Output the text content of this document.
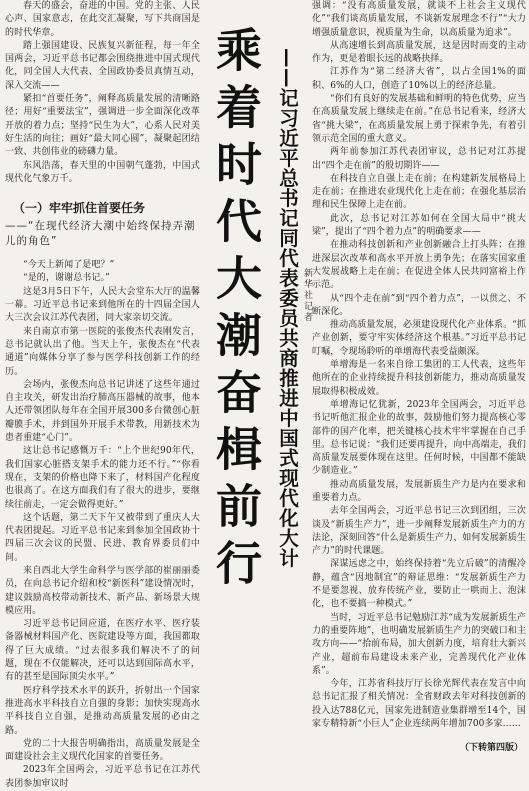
春天的盛会，奋进的中国。党的主张、人民心声、国家意志，在此交汇凝聚，写下共商国是的时代华章。

踏上强国建设、民族复兴新征程，每一年全国两会，习近平总书记都会围绕推进中国式现代化，同全国人大代表、全国政协委员真情互动，深入交流——

紧扣“首要任务”，阐释高质量发展的清晰路径；用好“重要法宝”，强调进一步全面深化改革开放的着力点；坚持“民生为大”，心系人民对美好生活的向往；画好“最大同心圆”，凝聚起团结一致、共创伟业的磅礴力量。

东风浩荡，春天里的中国朝气蓬勃，中国式现代化气象万千。

（一）牢牢抓住首要任务
——“在现代经济大潮中始终保持弄潮儿的角色”

“今天上新闻了是吧？”

“是的，谢谢总书记。”

这是3月5日下午，人民大会堂东大厅的温馨一幕。习近平总书记来到他所在的十四届全国人大三次会议江苏代表团，同大家亲切交流。

来自南京市第一医院的张俊杰代表刚发言，总书记就认出了他。当天上午，张俊杰在“代表通道”向媒体分享了参与医学科技创新工作的经历。

会场内，张俊杰向总书记讲述了这些年通过自主攻关，研发出治疗肺高压器械的故事，他本人还带领团队每年在全国开展300多台微创心脏瓣膜手术，并到国外开展手术带教，用新技术为患者重建“心门”。

这让总书记感慨万千：“上个世纪90年代，我们国家心脏搭支架手术的能力还不行。”“你看现在，支架的价格也降下来了，材料国产化程度也很高了。在这方面我们有了很大的进步，要继续往前走，一定会做得更好。”

这个话题，第二天下午又被带到了重庆人大代表团提起。习近平总书记来到参加全国政协十四届三次会议的民盟、民进、教育界委员们中间。

来自西北大学生命科学与医学部的崔丽丽委员，在向总书记介绍和校“新医科”建设情况时，建议鼓励高校带动新技术、新产品、新场景大规模应用。

习近平总书记回应道，在医疗水平、医疗装备器械材料国产化、医院建设等方面，我国都取得了巨大成绩。“过去很多我们解决不了的问题，现在不仅能解决，还可以达到国际高水平，有的甚至是国际顶尖水平。”

医疗科学技术水平的跃升，折射出一个国家推进高水平科技自立自强的身影；加快实现高水平科技自立自强，是推动高质量发展的必由之路。

党的二十大报告明确指出，高质量发展是全面建设社会主义现代化国家的首要任务。

2023年全国两会，习近平总书记在江苏代表团参加审议时

乘着时代大潮奋楫前行 ——记习近平总书记同代表委员共商推进中国式现代化大计 新华社记者

强调：“没有高质量发展，就谈不上社会主义现代化”“我们谈高质量发展，不谈新发展理念不行”“大力增强质量意识，视质量为生命，以高质量为追求”。

从高速增长到高质量发展，这是因时而变的主动作为，更是着眼长远的战略抉择。

江苏作为“第二经济大省”，以占全国1%的面积、6%的人口，创造了10%以上的经济总量。

“你们有良好的发展基础和鲜明的特色优势，应当在高质量发展上继续走在前。”在总书记看来，经济大省“挑大梁”，在高质量发展上勇于探索争先，有着引领示范全国的重大意义。

两年前参加江苏代表团审议，总书记对江苏提出“四个走在前”的殷切期许——

在科技自立自强上走在前；在构建新发展格局上走在前；在推进农业现代化上走在前；在强化基层治理和民生保障上走在前。

此次，总书记对江苏如何在全国大局中“挑大梁”，提出了“四个着力点”的明确要求——

在推动科技创新和产业创新融合上打头阵；在推进深层次改革和高水平开放上勇争先；在落实国家重大发展战略上走在前；在促进全体人民共同富裕上作示范。

从“四个走在前”到“四个着力点”，一以贯之、不断深化。

推动高质量发展，必须建设现代化产业体系。“抓产业创新，要守牢实体经济这个根基。”习近平总书记叮嘱，令现场聆听的单增海代表受益颇深。

单增海是一名来自徐工集团的工人代表，这些年他所在的企业持续提升科技创新能力，推动高质量发展取得积极成效。

单增海记忆犹新，2023年全国两会，习近平总书记听他汇报企业的故事，鼓励他们努力提高核心零部件的国产化率，把关键核心技术牢牢掌握在自己手里。总书记说：“我们还要再提升，向中高端走，我们高质量发展要体现在这里。任何时候，中国都不能缺少制造业。”

推动高质量发展，发展新质生产力是内在要求和重要着力点。

去年全国两会，习近平总书记三次到团组，三次谈及“新质生产力”，进一步阐释发展新质生产力的方法论，深刻回答“什么是新质生产力、如何发展新质生产力”的时代课题。

深谋远虑之中，始终保持着“先立后破”的清醒冷静，蕴含“因地制宜”的辩证思维：“发展新质生产力不是要忽视、放弃传统产业，要防止一哄而上、泡沫化，也不要搞一种模式。”

当时，习近平总书记勉励江苏“成为发展新质生产力的重要阵地”，也明确发展新质生产力的突破口和主攻方向——“拾前布局，加大创新力度，培育壮大新兴产业，超前布局建设未来产业，完善现代化产业体系”。

今年，江苏省科技厅厅长徐光辉代表在发言中向总书记汇报了相关情况：全省财政去年对科技创新的投入达788亿元，国家先进制造业集群增至14个，国家专精特新“小巨人”企业连续两年增加700多家……

（下转第四版）
